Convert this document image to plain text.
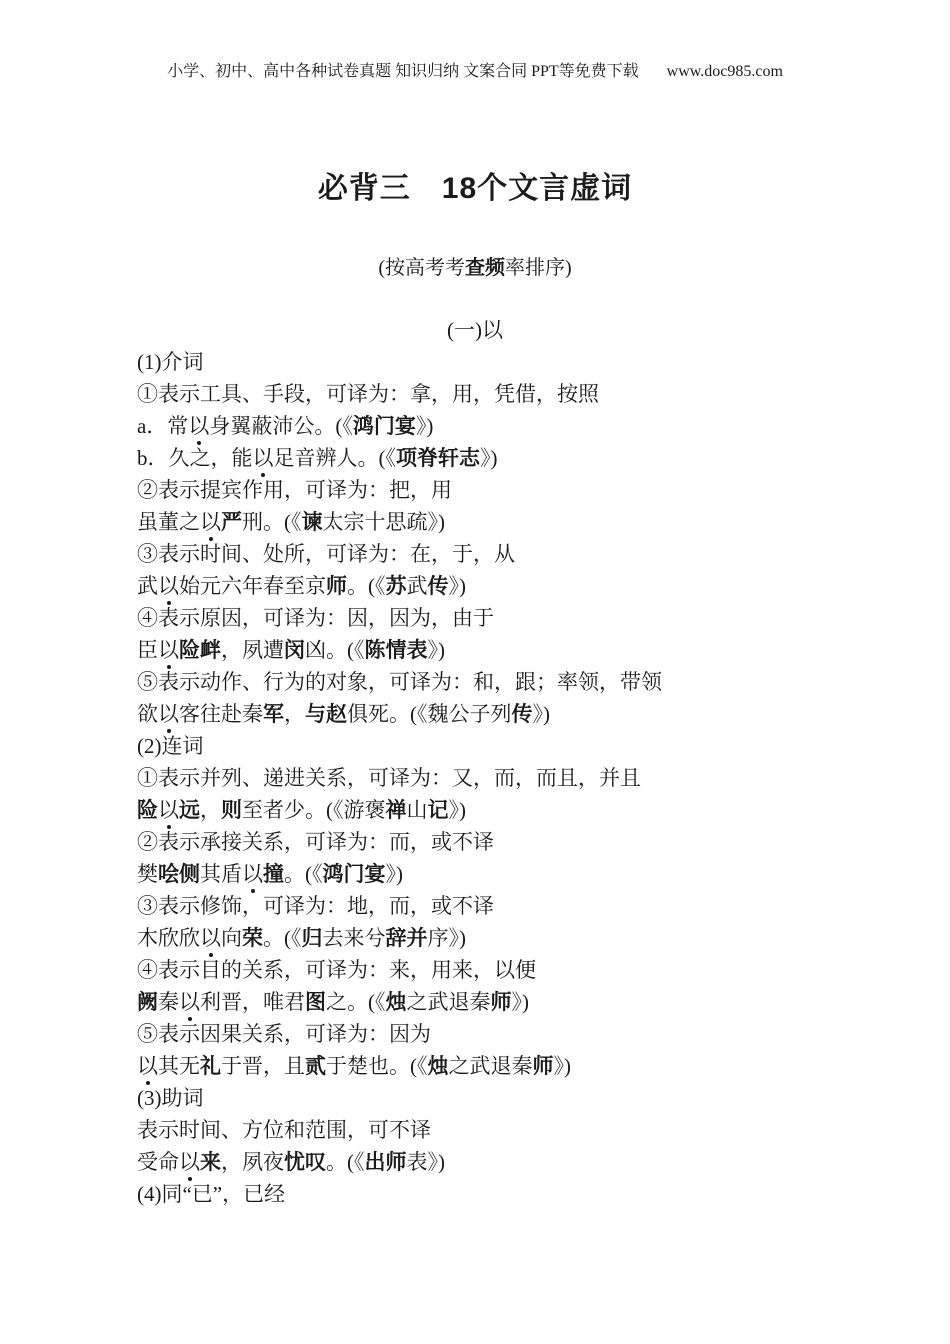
小学、初中、高中各种试卷真题 知识归纳 文案合同 PPT等免费下载 www.doc985.com
必背三　18个文言虚词
(按高考考查频率排序)
(一)以
(1)介词
①表示工具、手段，可译为：拿，用，凭借，按照
a．常以身翼蔽沛公。(《鸿门宴》)
b．久之，能以足音辨人。(《项脊轩志》)
②表示提宾作用，可译为：把，用
虽董之以严刑。(《谏太宗十思疏》)
③表示时间、处所，可译为：在，于，从
武以始元六年春至京师。(《苏武传》)
④表示原因，可译为：因，因为，由于
臣以险衅，夙遭闵凶。(《陈情表》)
⑤表示动作、行为的对象，可译为：和，跟；率领，带领
欲以客往赴秦军，与赵俱死。(《魏公子列传》)
(2)连词
①表示并列、递进关系，可译为：又，而，而且，并且
险以远，则至者少。(《游褒禅山记》)
②表示承接关系，可译为：而，或不译
樊哙侧其盾以撞。(《鸿门宴》)
③表示修饰，可译为：地，而，或不译
木欣欣以向荣。(《归去来兮辞并序》)
④表示目的关系，可译为：来，用来，以便
阙秦以利晋，唯君图之。(《烛之武退秦师》)
⑤表示因果关系，可译为：因为
以其无礼于晋，且贰于楚也。(《烛之武退秦师》)
(3)助词
表示时间、方位和范围，可不译
受命以来，夙夜忧叹。(《出师表》)
(4)同“已”，已经
